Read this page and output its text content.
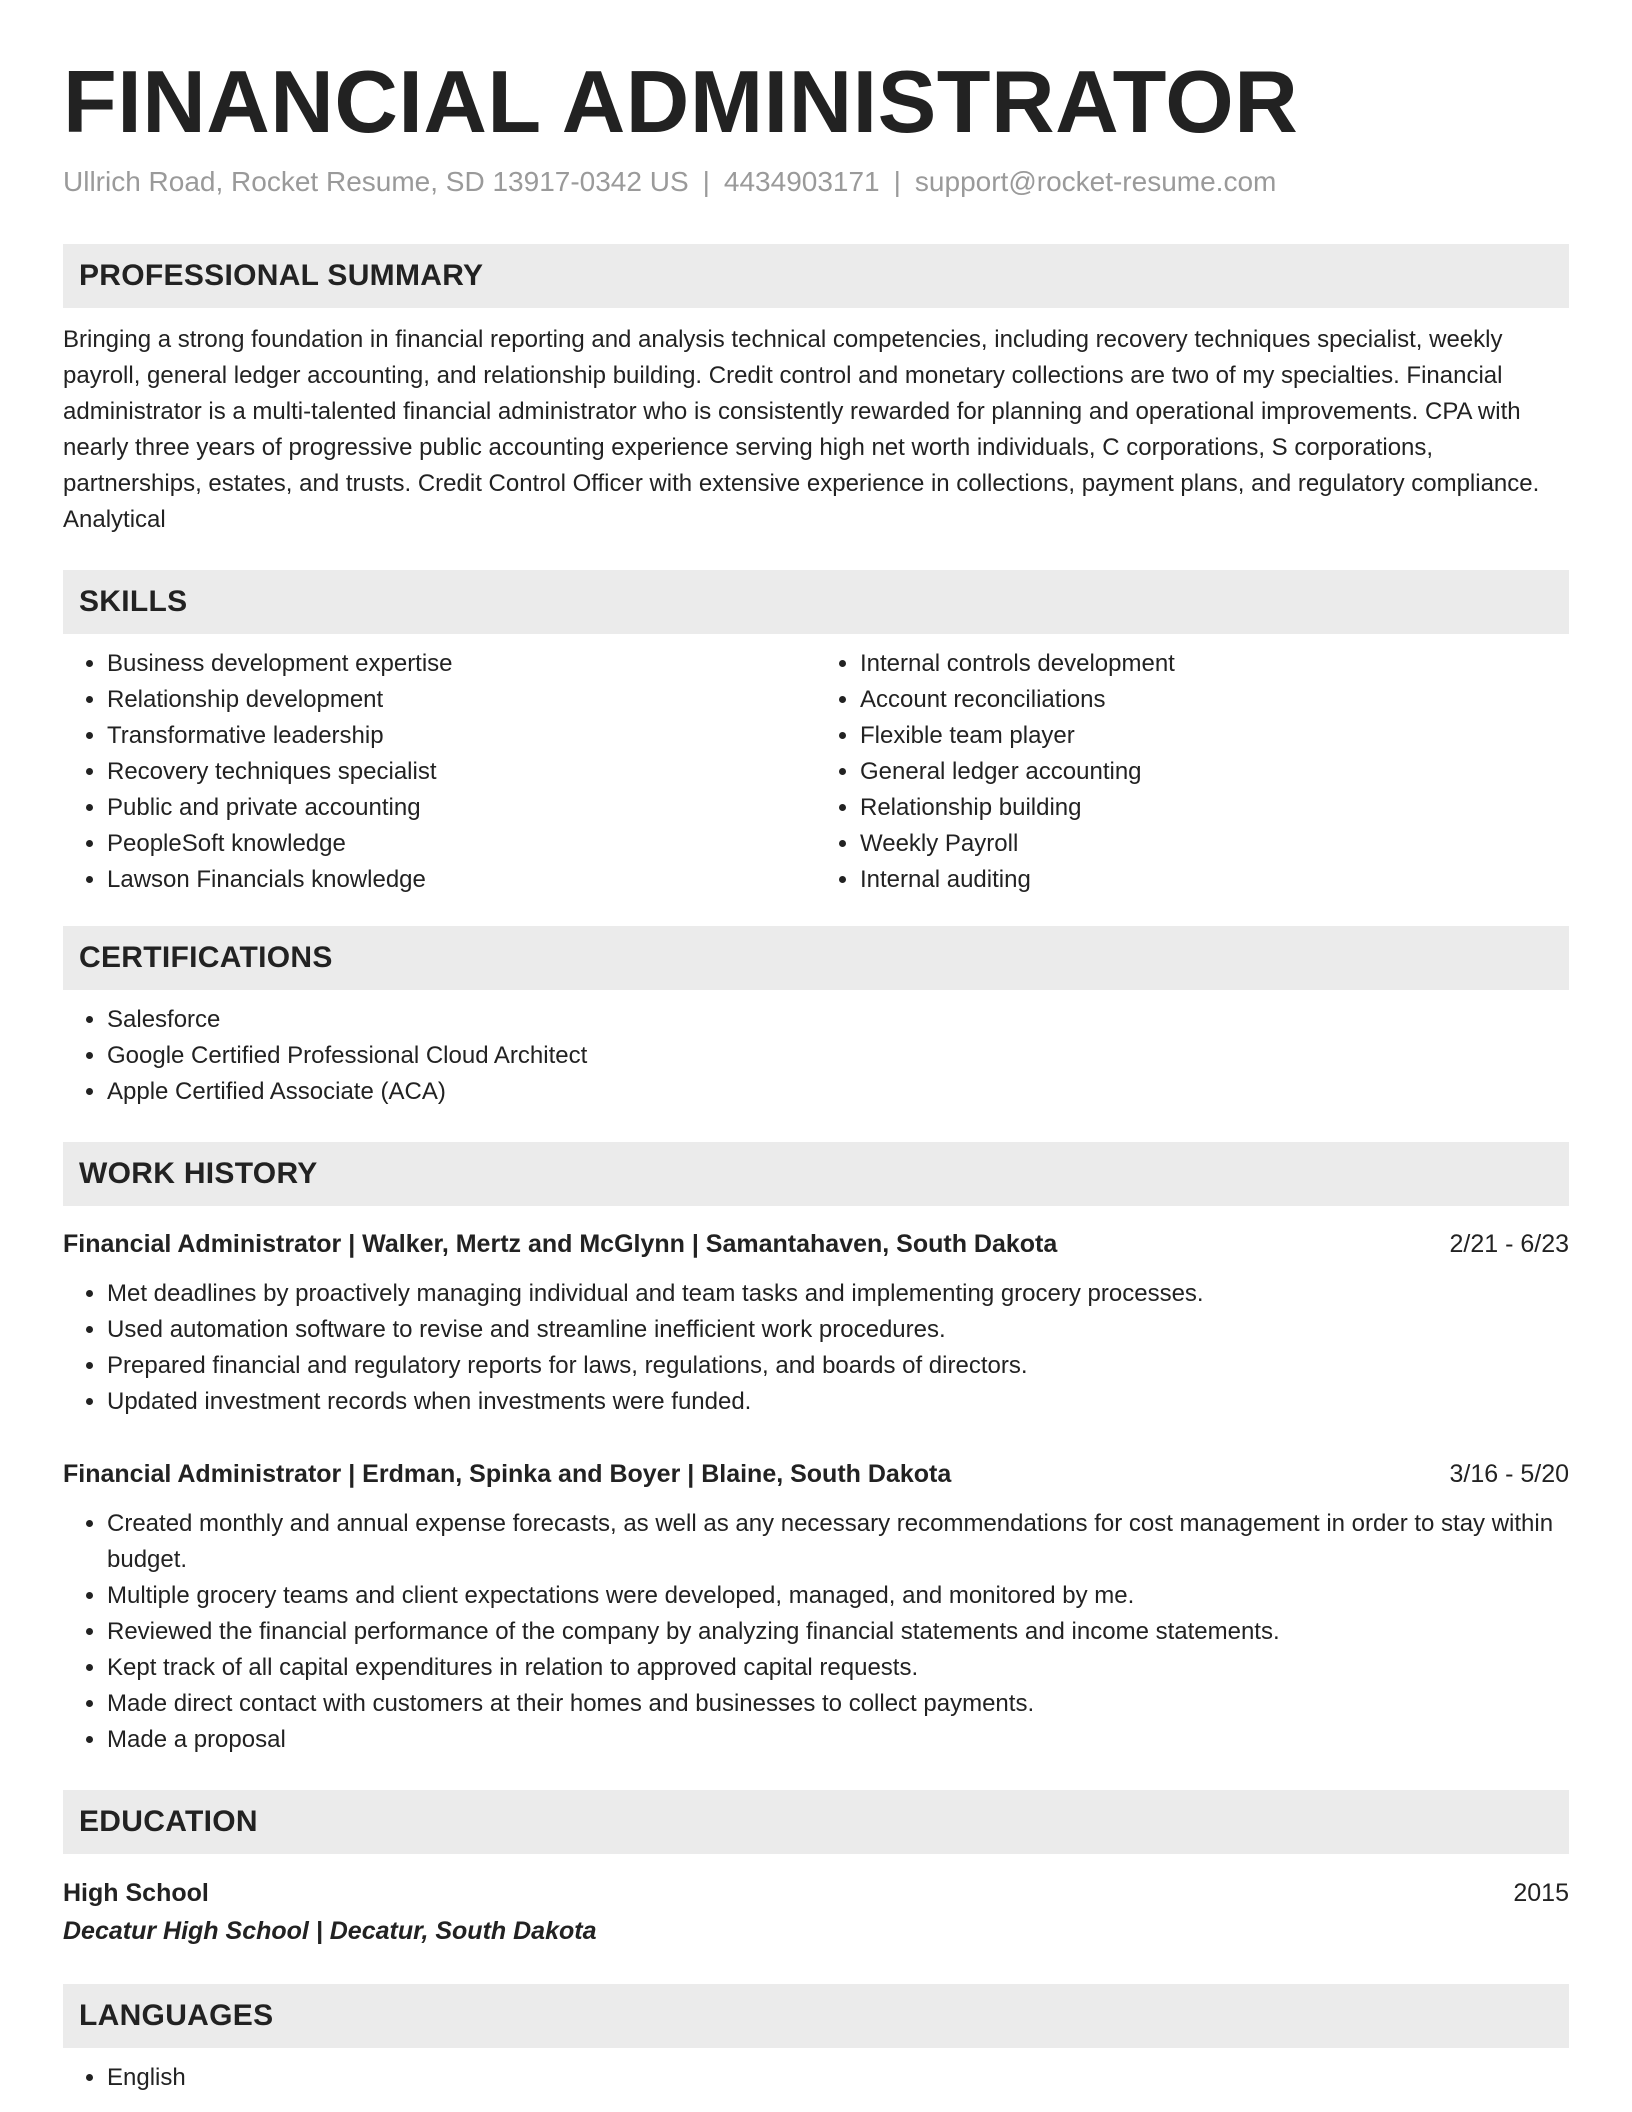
FINANCIAL ADMINISTRATOR
Ullrich Road, Rocket Resume, SD 13917-0342 US | 4434903171 | support@rocket-resume.com
PROFESSIONAL SUMMARY
Bringing a strong foundation in financial reporting and analysis technical competencies, including recovery techniques specialist, weekly payroll, general ledger accounting, and relationship building. Credit control and monetary collections are two of my specialties. Financial administrator is a multi-talented financial administrator who is consistently rewarded for planning and operational improvements. CPA with nearly three years of progressive public accounting experience serving high net worth individuals, C corporations, S corporations, partnerships, estates, and trusts. Credit Control Officer with extensive experience in collections, payment plans, and regulatory compliance. Analytical
SKILLS
• Business development expertise
• Relationship development
• Transformative leadership
• Recovery techniques specialist
• Public and private accounting
• PeopleSoft knowledge
• Lawson Financials knowledge
• Internal controls development
• Account reconciliations
• Flexible team player
• General ledger accounting
• Relationship building
• Weekly Payroll
• Internal auditing
CERTIFICATIONS
• Salesforce
• Google Certified Professional Cloud Architect
• Apple Certified Associate (ACA)
WORK HISTORY
Financial Administrator | Walker, Mertz and McGlynn | Samantahaven, South Dakota	2/21 - 6/23
• Met deadlines by proactively managing individual and team tasks and implementing grocery processes.
• Used automation software to revise and streamline inefficient work procedures.
• Prepared financial and regulatory reports for laws, regulations, and boards of directors.
• Updated investment records when investments were funded.
Financial Administrator | Erdman, Spinka and Boyer | Blaine, South Dakota	3/16 - 5/20
• Created monthly and annual expense forecasts, as well as any necessary recommendations for cost management in order to stay within budget.
• Multiple grocery teams and client expectations were developed, managed, and monitored by me.
• Reviewed the financial performance of the company by analyzing financial statements and income statements.
• Kept track of all capital expenditures in relation to approved capital requests.
• Made direct contact with customers at their homes and businesses to collect payments.
• Made a proposal
EDUCATION
High School	2015
Decatur High School | Decatur, South Dakota
LANGUAGES
• English
